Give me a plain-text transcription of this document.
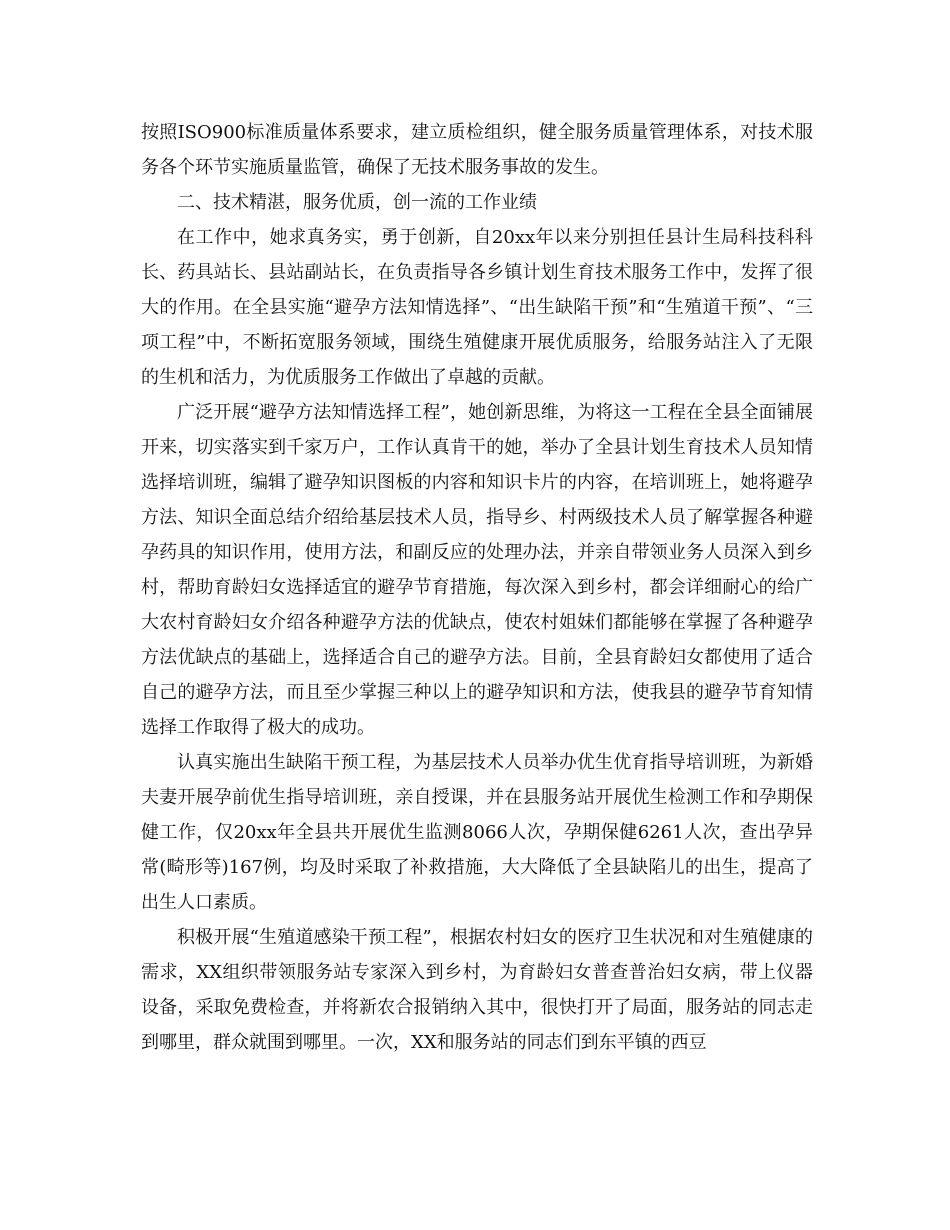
按照ISO900标准质量体系要求，建立质检组织，健全服务质量管理体系，对技术服务各个环节实施质量监管，确保了无技术服务事故的发生。

二、技术精湛，服务优质，创一流的工作业绩

在工作中，她求真务实，勇于创新，自20xx年以来分别担任县计生局科技科科长、药具站长、县站副站长，在负责指导各乡镇计划生育技术服务工作中，发挥了很大的作用。在全县实施“避孕方法知情选择”、“出生缺陷干预”和“生殖道干预”、“三项工程”中，不断拓宽服务领域，围绕生殖健康开展优质服务，给服务站注入了无限的生机和活力，为优质服务工作做出了卓越的贡献。

广泛开展“避孕方法知情选择工程”，她创新思维，为将这一工程在全县全面铺展开来，切实落实到千家万户，工作认真肯干的她，举办了全县计划生育技术人员知情选择培训班，编辑了避孕知识图板的内容和知识卡片的内容，在培训班上，她将避孕方法、知识全面总结介绍给基层技术人员，指导乡、村两级技术人员了解掌握各种避孕药具的知识作用，使用方法，和副反应的处理办法，并亲自带领业务人员深入到乡村，帮助育龄妇女选择适宜的避孕节育措施，每次深入到乡村，都会详细耐心的给广大农村育龄妇女介绍各种避孕方法的优缺点，使农村姐妹们都能够在掌握了各种避孕方法优缺点的基础上，选择适合自己的避孕方法。目前，全县育龄妇女都使用了适合自己的避孕方法，而且至少掌握三种以上的避孕知识和方法，使我县的避孕节育知情选择工作取得了极大的成功。

认真实施出生缺陷干预工程，为基层技术人员举办优生优育指导培训班，为新婚夫妻开展孕前优生指导培训班，亲自授课，并在县服务站开展优生检测工作和孕期保健工作，仅20xx年全县共开展优生监测8066人次，孕期保健6261人次，查出孕异常(畸形等)167例，均及时采取了补救措施，大大降低了全县缺陷儿的出生，提高了出生人口素质。

积极开展“生殖道感染干预工程”，根据农村妇女的医疗卫生状况和对生殖健康的需求，XX组织带领服务站专家深入到乡村，为育龄妇女普查普治妇女病，带上仪器设备，采取免费检查，并将新农合报销纳入其中，很快打开了局面，服务站的同志走到哪里，群众就围到哪里。一次，XX和服务站的同志们到东平镇的西豆
